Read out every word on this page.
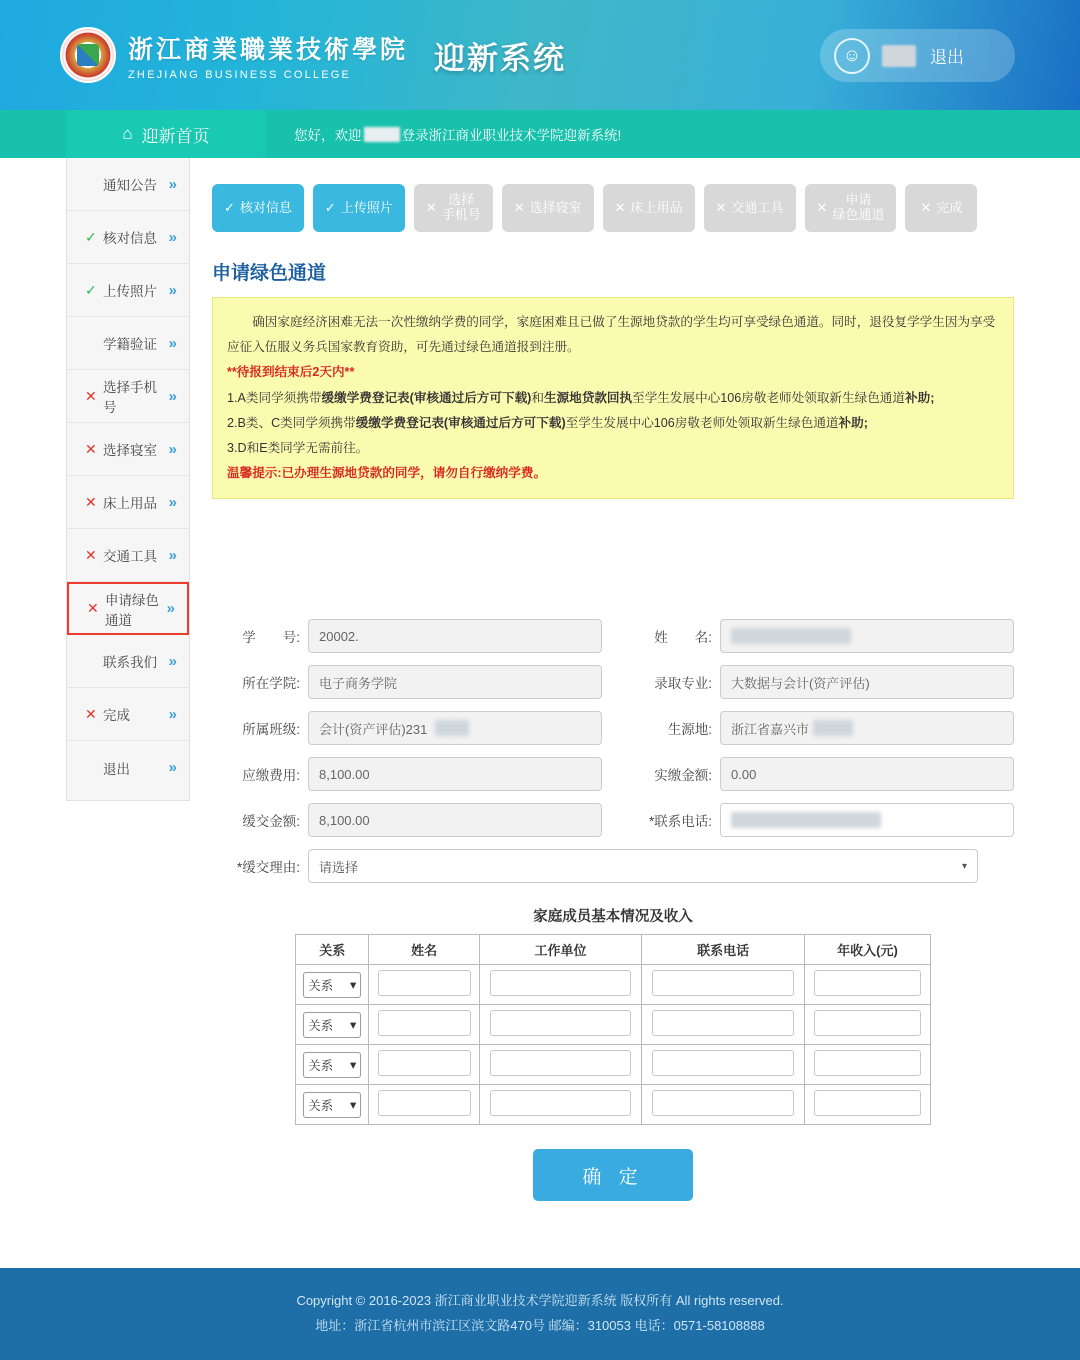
浙江商業職業技術學院
ZHEJIANG BUSINESS COLLEGE	迎新系统	☺	退出
⌂ 迎新首页	您好，欢迎	登录浙江商业职业技术学院迎新系统!
通知公告 »
✓ 核对信息 »
✓ 上传照片 »
学籍验证 »
✕ 选择手机号
»
✕ 选择寝室 »
✕ 床上用品 »
✕ 交通工具 »
✕ 申请绿色通道
»
联系我们 »
✕ 完成	»
退出	»
✓ 核对信息	✓ 上传照片	✕ 选择
手机号	✕ 选择寝室	✕ 床上用品	✕ 交通工具	✕ 申请
绿色通道	✕ 完成
申请绿色通道
确因家庭经济困难无法一次性缴纳学费的同学，家庭困难且已做了生源地贷款的学生均可享受绿色通道。同时，退役复学学生因为享受应征入伍服义务兵国家教育资助，可先通过绿色通道报到注册。
**待报到结束后2天内**
1.A类同学须携带缓缴学费登记表(审核通过后方可下载)和生源地贷款回执至学生发展中心106房敬老师处领取新生绿色通道补助;
2.B类、C类同学须携带缓缴学费登记表(审核通过后方可下载)至学生发展中心106房敬老师处领取新生绿色通道补助;
3.D和E类同学无需前往。
温馨提示:已办理生源地贷款的同学，请勿自行缴纳学费。
学　　号: 20002.	姓　　名:
所在学院: 电子商务学院	录取专业: 大数据与会计(资产评估)
所属班级: 会计(资产评估)231	生源地: 浙江省嘉兴市
应缴费用: 8,100.00	实缴金额: 0.00
缓交金额: 8,100.00	*联系电话:
*缓交理由: 请选择	▾
家庭成员基本情况及收入
关系	姓名	工作单位	联系电话	年收入(元)

关系 ▾				

关系 ▾				

关系 ▾				

关系 ▾				

确 定
Copyright © 2016-2023 浙江商业职业技术学院迎新系统 版权所有 All rights reserved.
地址：浙江省杭州市滨江区滨文路470号 邮编：310053 电话：0571-58108888
